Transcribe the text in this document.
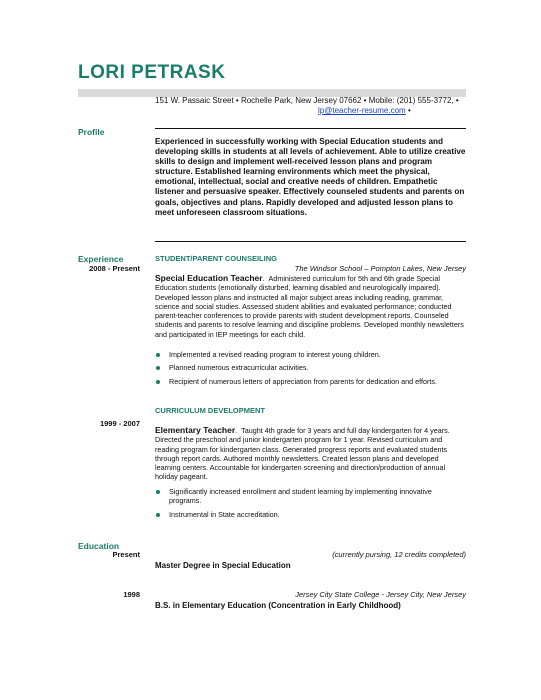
LORI PETRASK
151 W. Passaic Street • Rochelle Park, New Jersey 07662 • Mobile: (201) 555-3772, •
lp@teacher-resume.com •
Profile
Experienced in successfully working with Special Education students and developing skills in students at all levels of achievement. Able to utilize creative skills to design and implement well-received lesson plans and program structure. Established learning environments which meet the physical, emotional, intellectual, social and creative needs of children. Empathetic listener and persuasive speaker. Effectively counseled students and parents on goals, objectives and plans. Rapidly developed and adjusted lesson plans to meet unforeseen classroom situations.
Experience
2008 - Present
STUDENT/PARENT COUNSEILING
The Windsor School – Pompton Lakes, New Jersey
Special Education Teacher.  Administered curriculum for 5th and 6th grade Special Education students (emotionally disturbed, learning disabled and neurologically impaired). Developed lesson plans and instructed all major subject areas including reading, grammar, science and social studies. Assessed student abilities and evaluated performance; conducted parent-teacher conferences to provide parents with student development reports. Counseled students and parents to resolve learning and discipline problems. Developed monthly newsletters and participated in IEP meetings for each child.
Implemented a revised reading program to interest young children.
Planned numerous extracurricular activities.
Recipient of numerous letters of appreciation from parents for dedication and efforts.
CURRICULUM DEVELOPMENT
1999 - 2007
Elementary Teacher.  Taught 4th grade for 3 years and full day kindergarten for 4 years. Directed the preschool and junior kindergarten program for 1 year. Revised curriculum and reading program for kindergarten class. Generated progress reports and evaluated students through report cards. Authored monthly newsletters. Created lesson plans and developed learning centers. Accountable for kindergarten screening and direction/production of annual holiday pageant.
Significantly increased enrollment and student learning by implementing innovative programs.
Instrumental in State accreditation.
Education
Present	(currently pursing, 12 credits completed)
Master Degree in Special Education
1998	Jersey City State College - Jersey City, New Jersey
B.S. in Elementary Education (Concentration in Early Childhood)
